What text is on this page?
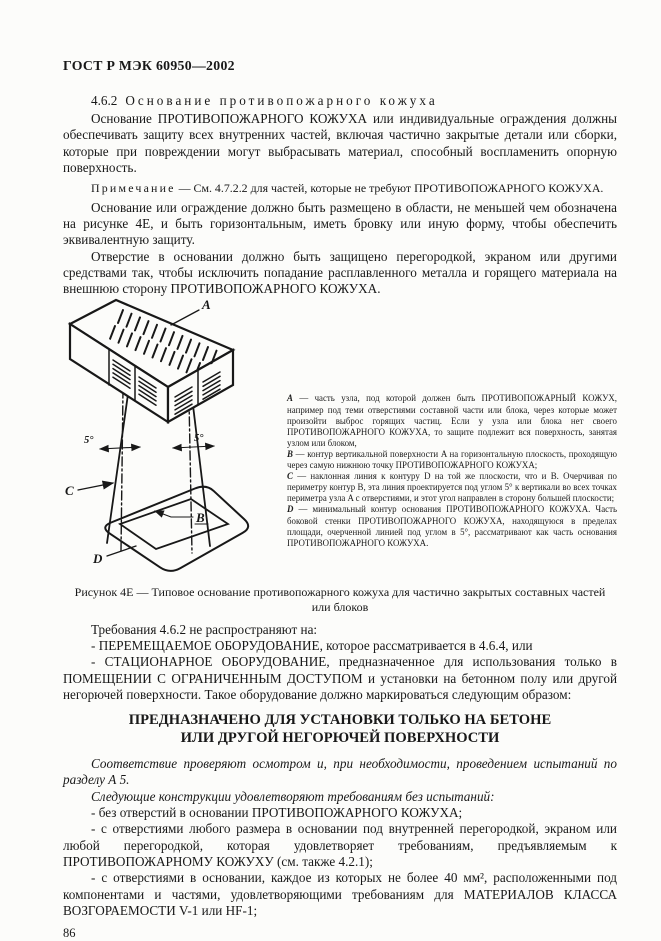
ГОСТ Р МЭК 60950—2002
4.6.2 Основание противопожарного кожуха

Основание ПРОТИВОПОЖАРНОГО КОЖУХА или индивидуальные ограждения должны обеспечивать защиту всех внутренних частей, включая частично закрытые детали или сборки, которые при повреждении могут выбрасывать материал, способный воспламенить опорную поверхность.

Примечание — См. 4.7.2.2 для частей, которые не требуют ПРОТИВОПОЖАРНОГО КОЖУХА.

Основание или ограждение должно быть размещено в области, не меньшей чем обозначена на рисунке 4Е, и быть горизонтальным, иметь бровку или иную форму, чтобы обеспечить эквивалентную защиту.

Отверстие в основании должно быть защищено перегородкой, экраном или другими средствами так, чтобы исключить попадание расплавленного металла и горящего материала на внешнюю сторону ПРОТИВОПОЖАРНОГО КОЖУХА.

A
B
C
D
5°	5°
A — часть узла, под которой должен быть ПРОТИВОПОЖАРНЫЙ КОЖУХ, например под теми отверстиями составной части или блока, через которые может произойти выброс горящих частиц. Если у узла или блока нет своего ПРОТИВОПОЖАРНОГО КОЖУХА, то защите подлежит вся поверхность, занятая узлом или блоком,
B — контур вертикальной поверхности A на горизонтальную плоскость, проходящую через самую нижнюю точку ПРОТИВОПОЖАРНОГО КОЖУХА;
C — наклонная линия к контуру D на той же плоскости, что и B. Очерчивая по периметру контур B, эта линия проектируется под углом 5° к вертикали во всех точках периметра узла A с отверстиями, и этот угол направлен в сторону большей плоскости;
D — минимальный контур основания ПРОТИВОПОЖАРНОГО КОЖУХА. Часть боковой стенки ПРОТИВОПОЖАРНОГО КОЖУХА, находящуюся в пределах площади, очерченной линией под углом в 5°, рассматривают как часть основания ПРОТИВОПОЖАРНОГО КОЖУХА.
Рисунок 4Е — Типовое основание противопожарного кожуха для частично закрытых составных частей или блоков

Требования 4.6.2 не распространяют на:

- ПЕРЕМЕЩАЕМОЕ ОБОРУДОВАНИЕ, которое рассматривается в 4.6.4, или

- СТАЦИОНАРНОЕ ОБОРУДОВАНИЕ, предназначенное для использования только в ПОМЕЩЕНИИ С ОГРАНИЧЕННЫМ ДОСТУПОМ и установки на бетонном полу или другой негорючей поверхности. Такое оборудование должно маркироваться следующим образом:

ПРЕДНАЗНАЧЕНО ДЛЯ УСТАНОВКИ ТОЛЬКО НА БЕТОНЕ
ИЛИ ДРУГОЙ НЕГОРЮЧЕЙ ПОВЕРХНОСТИ

Соответствие проверяют осмотром и, при необходимости, проведением испытаний по разделу А 5.

Следующие конструкции удовлетворяют требованиям без испытаний:

- без отверстий в основании ПРОТИВОПОЖАРНОГО КОЖУХА;

- с отверстиями любого размера в основании под внутренней перегородкой, экраном или любой перегородкой, которая удовлетворяет требованиям, предъявляемым к ПРОТИВОПОЖАРНОМУ КОЖУХУ (см. также 4.2.1);

- с отверстиями в основании, каждое из которых не более 40 мм², расположенными под компонентами и частями, удовлетворяющими требованиям для МАТЕРИАЛОВ КЛАССА ВОЗГОРАЕМОСТИ V-1 или HF-1;

86
